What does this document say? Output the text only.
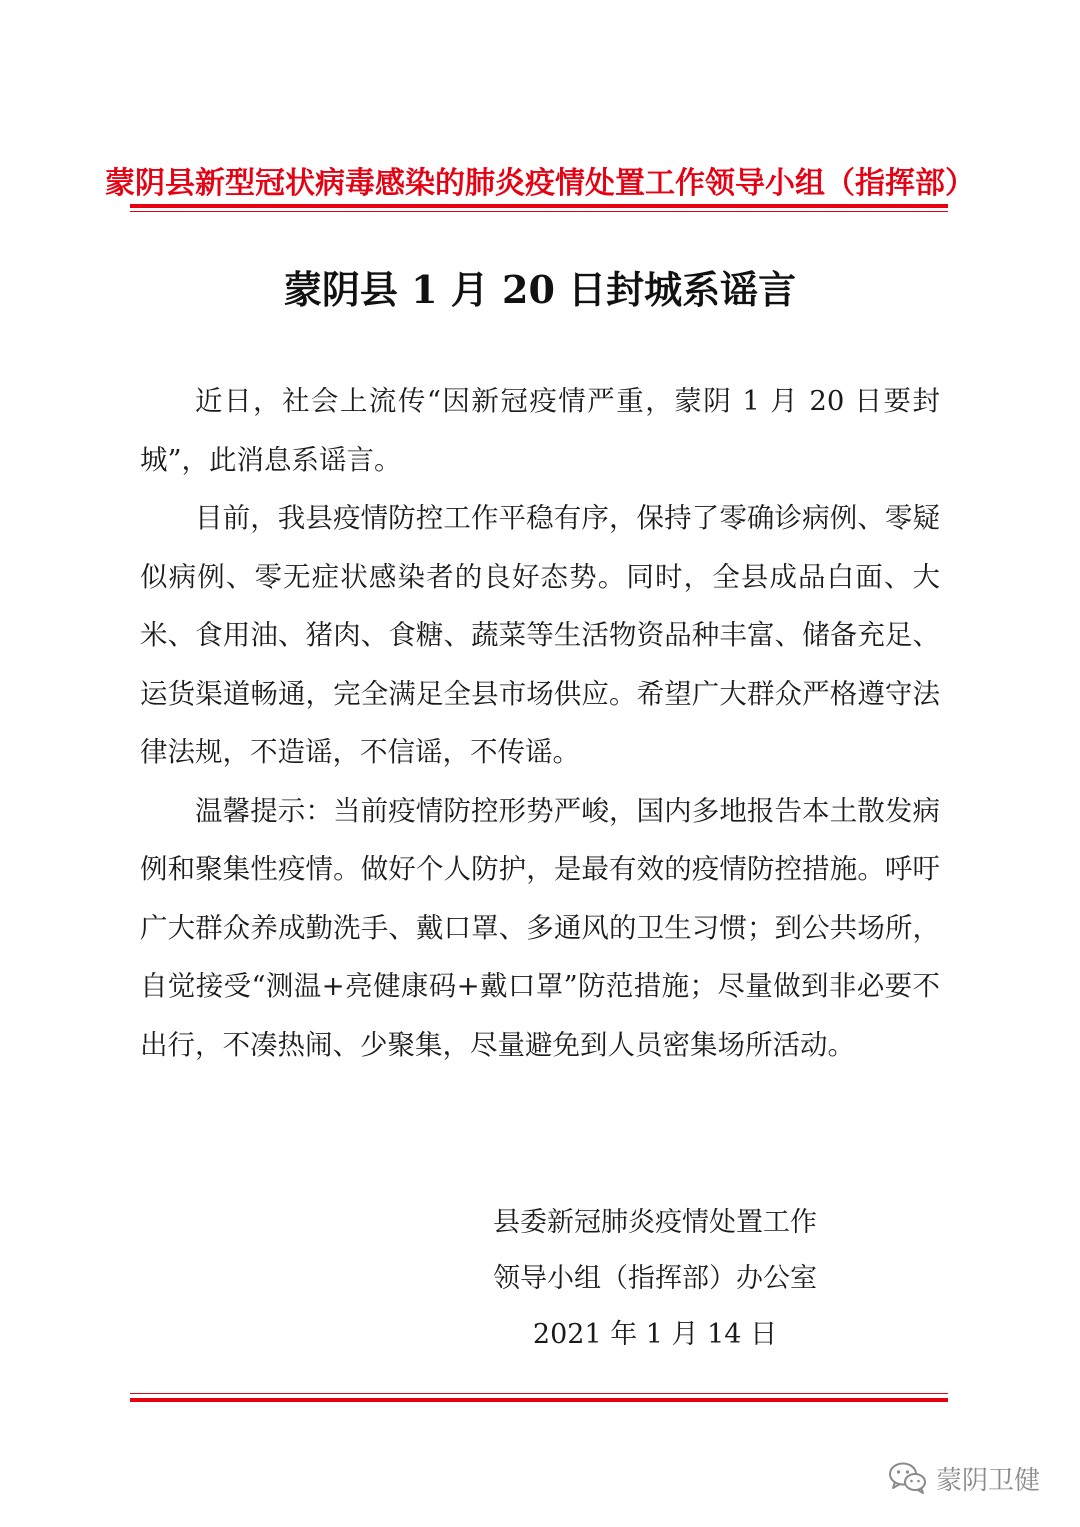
蒙阴县新型冠状病毒感染的肺炎疫情处置工作领导小组（指挥部）
蒙阴县 1 月 20 日封城系谣言

近日，社会上流传“因新冠疫情严重，蒙阴 1 月 20 日要封城”，此消息系谣言。

目前，我县疫情防控工作平稳有序，保持了零确诊病例、零疑似病例、零无症状感染者的良好态势。同时，全县成品白面、大米、食用油、猪肉、食糖、蔬菜等生活物资品种丰富、储备充足、运货渠道畅通，完全满足全县市场供应。希望广大群众严格遵守法律法规，不造谣，不信谣，不传谣。

温馨提示：当前疫情防控形势严峻，国内多地报告本土散发病例和聚集性疫情。做好个人防护，是最有效的疫情防控措施。呼吁广大群众养成勤洗手、戴口罩、多通风的卫生习惯；到公共场所，自觉接受“测温+亮健康码+戴口罩”防范措施；尽量做到非必要不出行，不凑热闹、少聚集，尽量避免到人员密集场所活动。

县委新冠肺炎疫情处置工作
领导小组（指挥部）办公室
2021 年 1 月 14 日
蒙阴卫健
